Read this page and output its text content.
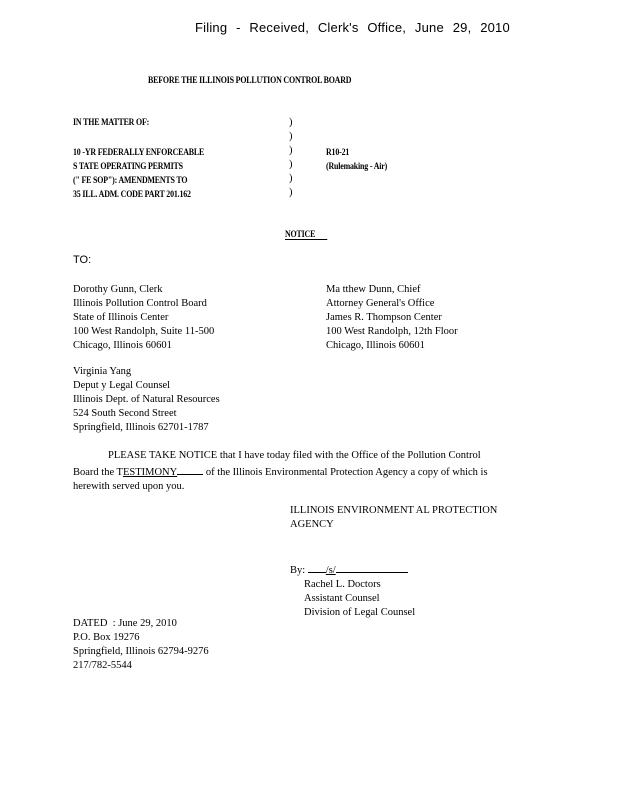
Filing - Received, Clerk's Office, June 29, 2010
BEFORE THE ILLINOIS POLLUTION CONTROL BOARD
IN THE MATTER OF:
10 -YR FEDERALLY ENFORCEABLE
S TATE OPERATING PERMITS
(" FE SOP"): AMENDMENTS TO
35 ILL. ADM. CODE PART 201.162
)
)
)
)
)
)
R10-21
(Rulemaking - Air)
NOTICE
TO:
Dorothy Gunn, Clerk
Illinois Pollution Control Board
State of Illinois Center
100 West Randolph, Suite 11-500
Chicago, Illinois 60601
Ma tthew Dunn, Chief
Attorney General's Office
James R. Thompson Center
100 West Randolph, 12th Floor
Chicago, Illinois 60601
Virginia Yang
Deput y Legal Counsel
Illinois Dept. of Natural Resources
524 South Second Street
Springfield, Illinois 62701-1787
PLEASE TAKE NOTICE that I have today filed with the Office of the Pollution Control
Board the TESTIMONY of the Illinois Environmental Protection Agency a copy of which is
herewith served upon you.
ILLINOIS ENVIRONMENT AL PROTECTION
AGENCY
By: /s/
Rachel L. Doctors
Assistant Counsel
Division of Legal Counsel
DATED : June 29, 2010
P.O. Box 19276
Springfield, Illinois 62794-9276
217/782-5544
